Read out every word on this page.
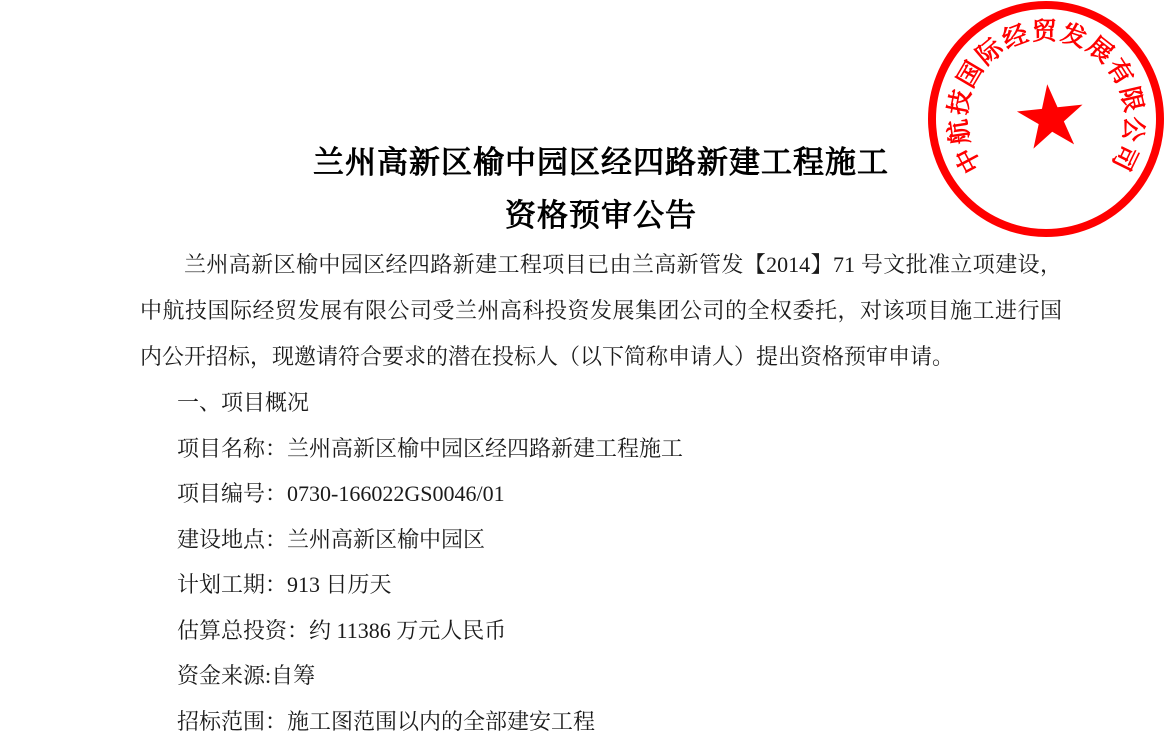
兰州高新区榆中园区经四路新建工程施工
资格预审公告

兰州高新区榆中园区经四路新建工程项目已由兰高新管发【2014】71 号文批准立项建设，中航技国际经贸发展有限公司受兰州高科投资发展集团公司的全权委托，对该项目施工进行国内公开招标，现邀请符合要求的潜在投标人（以下简称申请人）提出资格预审申请。

一、项目概况
项目名称：兰州高新区榆中园区经四路新建工程施工
项目编号：0730-166022GS0046/01
建设地点：兰州高新区榆中园区
计划工期：913 日历天
估算总投资：约 11386 万元人民币
资金来源:自筹
招标范围：施工图范围以内的全部建安工程
★
中
航
技
国
际
经 贸 发
展
有
限
公
司
